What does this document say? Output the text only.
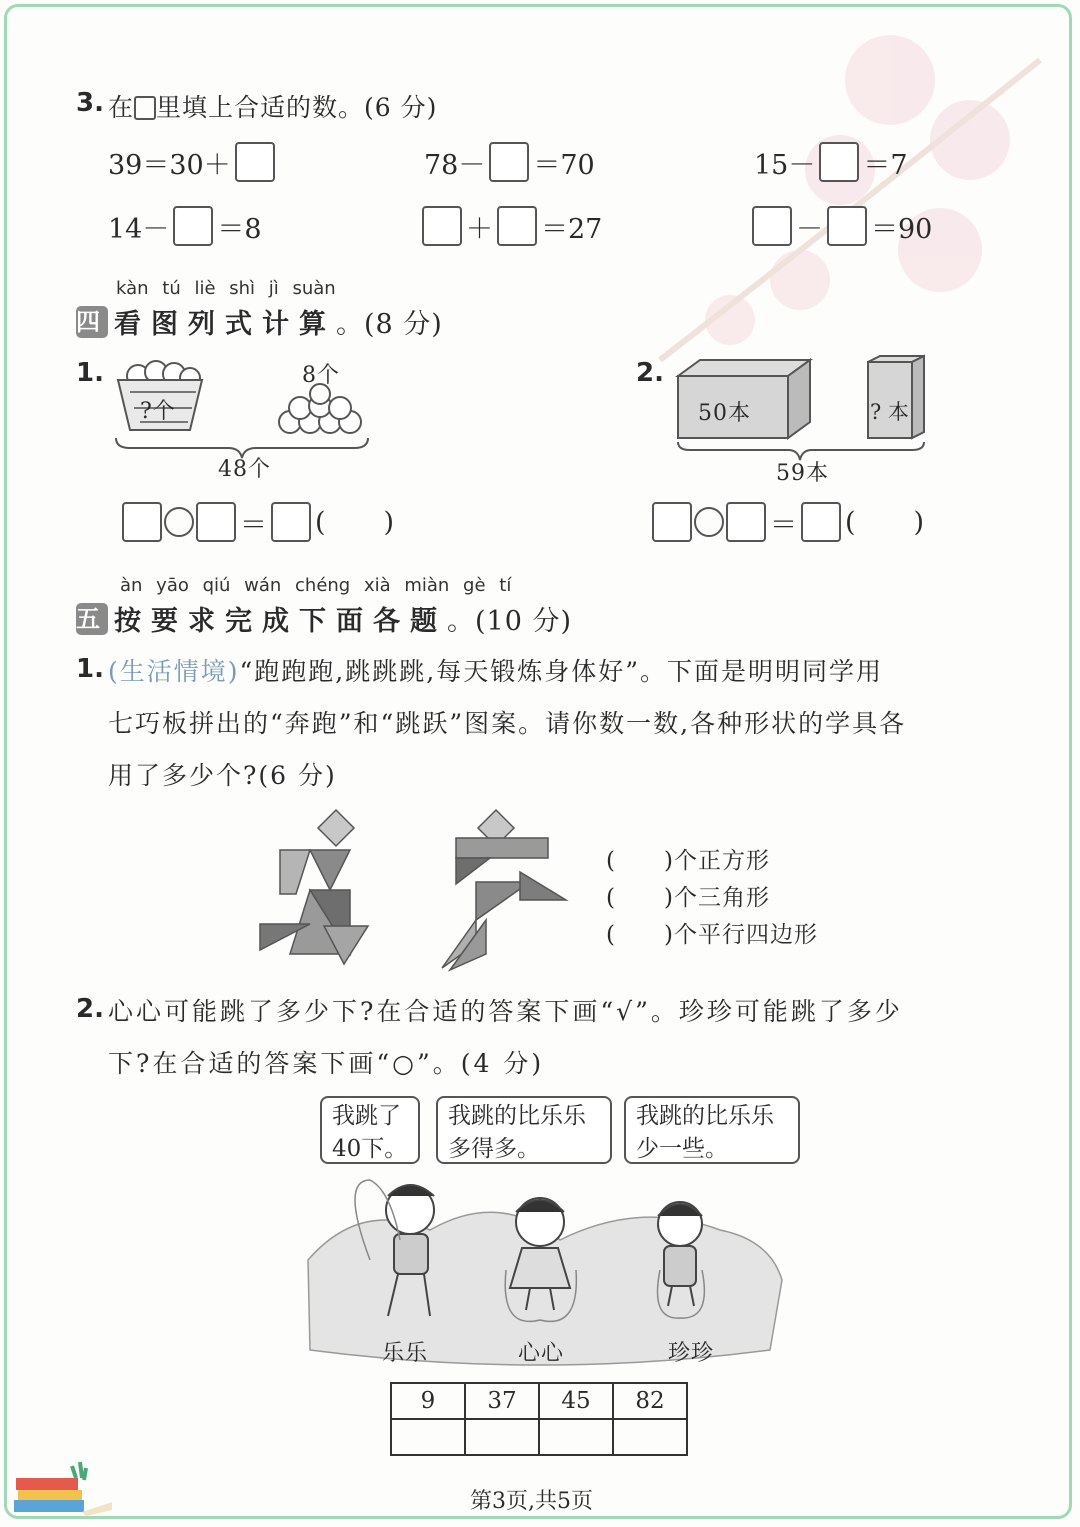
3. 在 里填上合适的数。(6 分)
39＝30＋	78－ ＝70	15－ ＝7
14－ ＝8	＋ ＝27	－ ＝90
kàn tú liè shì jì suàn
四 看图列式计算 。(8 分)
1.
?个
8个
48个
＝ ( )
2.
50本	? 本
59本
＝ ( )
àn yāo qiú wán chéng xià miàn gè tí
五 按要求完成下面各题 。(10 分)
1. (生活情境)“跑跑跑,跳跳跳,每天锻炼身体好”。下面是明明同学用
七巧板拼出的“奔跑”和“跳跃”图案。请你数一数,各种形状的学具各
用了多少个?(6 分)
(　　)个正方形
(　　)个三角形
(　　)个平行四边形
2. 心心可能跳了多少下?在合适的答案下画“√”。珍珍可能跳了多少
下?在合适的答案下画“○”。(4 分)
我跳了
40下。
我跳的比乐乐
多得多。
我跳的比乐乐
少一些。
乐乐	心心	珍珍
9	37	45	82

第3页,共5页
